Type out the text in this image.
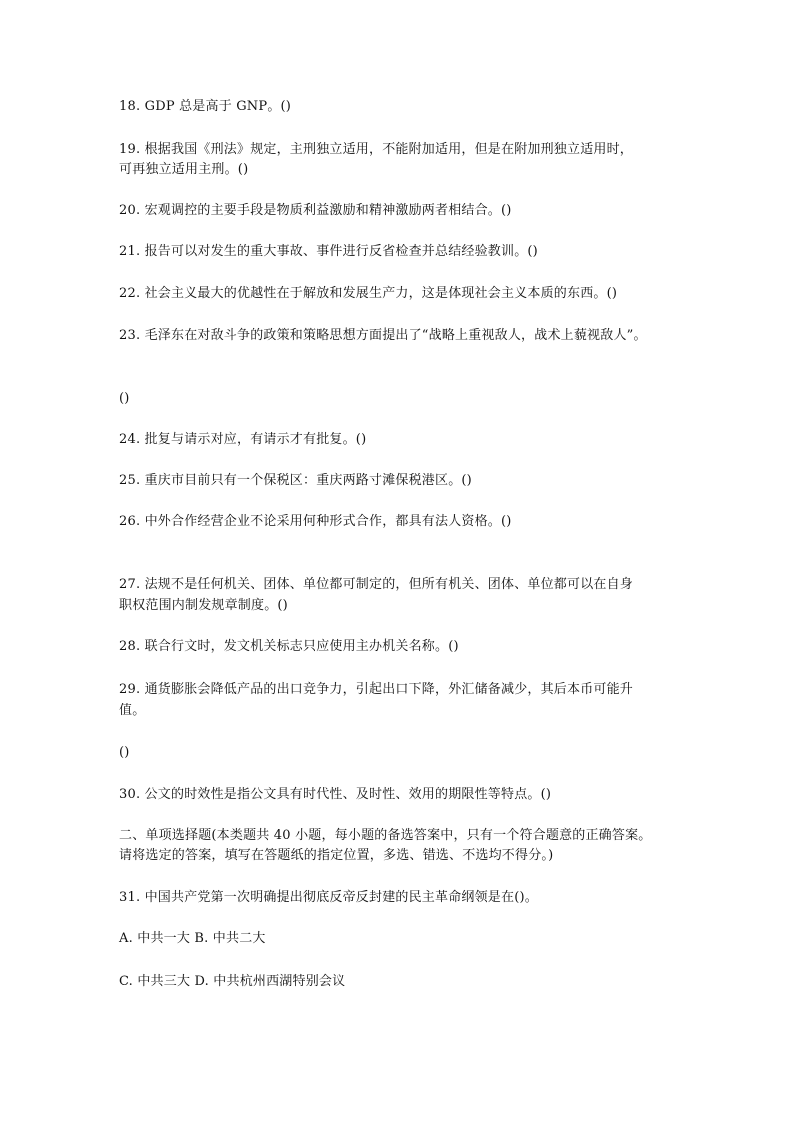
18. GDP 总是高于 GNP。()
19. 根据我国《刑法》规定，主刑独立适用，不能附加适用，但是在附加刑独立适用时，
可再独立适用主刑。()
20. 宏观调控的主要手段是物质利益激励和精神激励两者相结合。()
21. 报告可以对发生的重大事故、事件进行反省检查并总结经验教训。()
22. 社会主义最大的优越性在于解放和发展生产力，这是体现社会主义本质的东西。()
23. 毛泽东在对敌斗争的政策和策略思想方面提出了“战略上重视敌人，战术上藐视敌人”。
()
24. 批复与请示对应，有请示才有批复。()
25. 重庆市目前只有一个保税区：重庆两路寸滩保税港区。()
26. 中外合作经营企业不论采用何种形式合作，都具有法人资格。()
27. 法规不是任何机关、团体、单位都可制定的，但所有机关、团体、单位都可以在自身
职权范围内制发规章制度。()
28. 联合行文时，发文机关标志只应使用主办机关名称。()
29. 通货膨胀会降低产品的出口竞争力，引起出口下降，外汇储备减少，其后本币可能升
值。
()
30. 公文的时效性是指公文具有时代性、及时性、效用的期限性等特点。()
二、单项选择题(本类题共 40 小题，每小题的备选答案中，只有一个符合题意的正确答案。
请将选定的答案，填写在答题纸的指定位置，多选、错选、不选均不得分。)
31. 中国共产党第一次明确提出彻底反帝反封建的民主革命纲领是在()。
A. 中共一大 B. 中共二大
C. 中共三大 D. 中共杭州西湖特别会议
